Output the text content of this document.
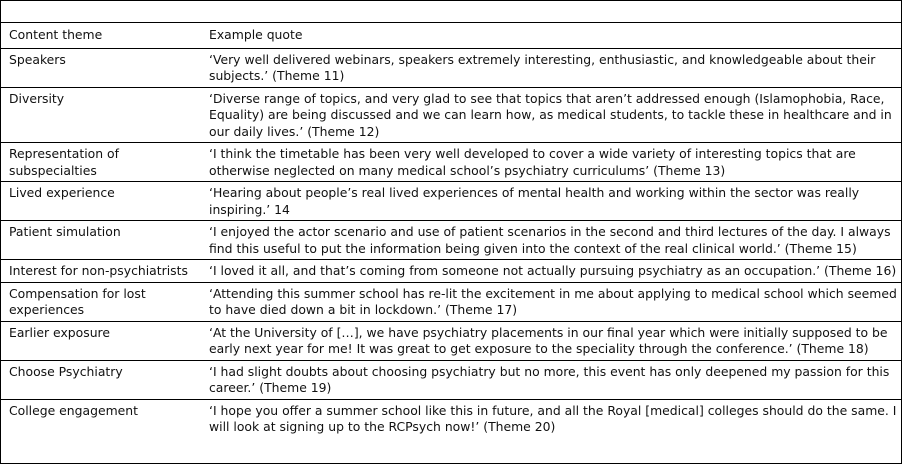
Content theme	Example quote
Speakers	‘Very well delivered webinars, speakers extremely interesting, enthusiastic, and knowledgeable about their subjects.’ (Theme 11)
Diversity	‘Diverse range of topics, and very glad to see that topics that aren’t addressed enough (Islamophobia, Race, Equality) are being discussed and we can learn how, as medical students, to tackle these in healthcare and in our daily lives.’ (Theme 12)
Representation of subspecialties	‘I think the timetable has been very well developed to cover a wide variety of interesting topics that are otherwise neglected on many medical school’s psychiatry curriculums’ (Theme 13)
Lived experience	‘Hearing about people’s real lived experiences of mental health and working within the sector was really inspiring.’ 14
Patient simulation	‘I enjoyed the actor scenario and use of patient scenarios in the second and third lectures of the day. I always find this useful to put the information being given into the context of the real clinical world.’ (Theme 15)
Interest for non-psychiatrists	‘I loved it all, and that’s coming from someone not actually pursuing psychiatry as an occupation.’ (Theme 16)
Compensation for lost experiences	‘Attending this summer school has re-lit the excitement in me about applying to medical school which seemed to have died down a bit in lockdown.’ (Theme 17)
Earlier exposure	‘At the University of […], we have psychiatry placements in our final year which were initially supposed to be early next year for me! It was great to get exposure to the speciality through the conference.’ (Theme 18)
Choose Psychiatry	‘I had slight doubts about choosing psychiatry but no more, this event has only deepened my passion for this career.’ (Theme 19)
College engagement	‘I hope you offer a summer school like this in future, and all the Royal [medical] colleges should do the same. I will look at signing up to the RCPsych now!’ (Theme 20)
